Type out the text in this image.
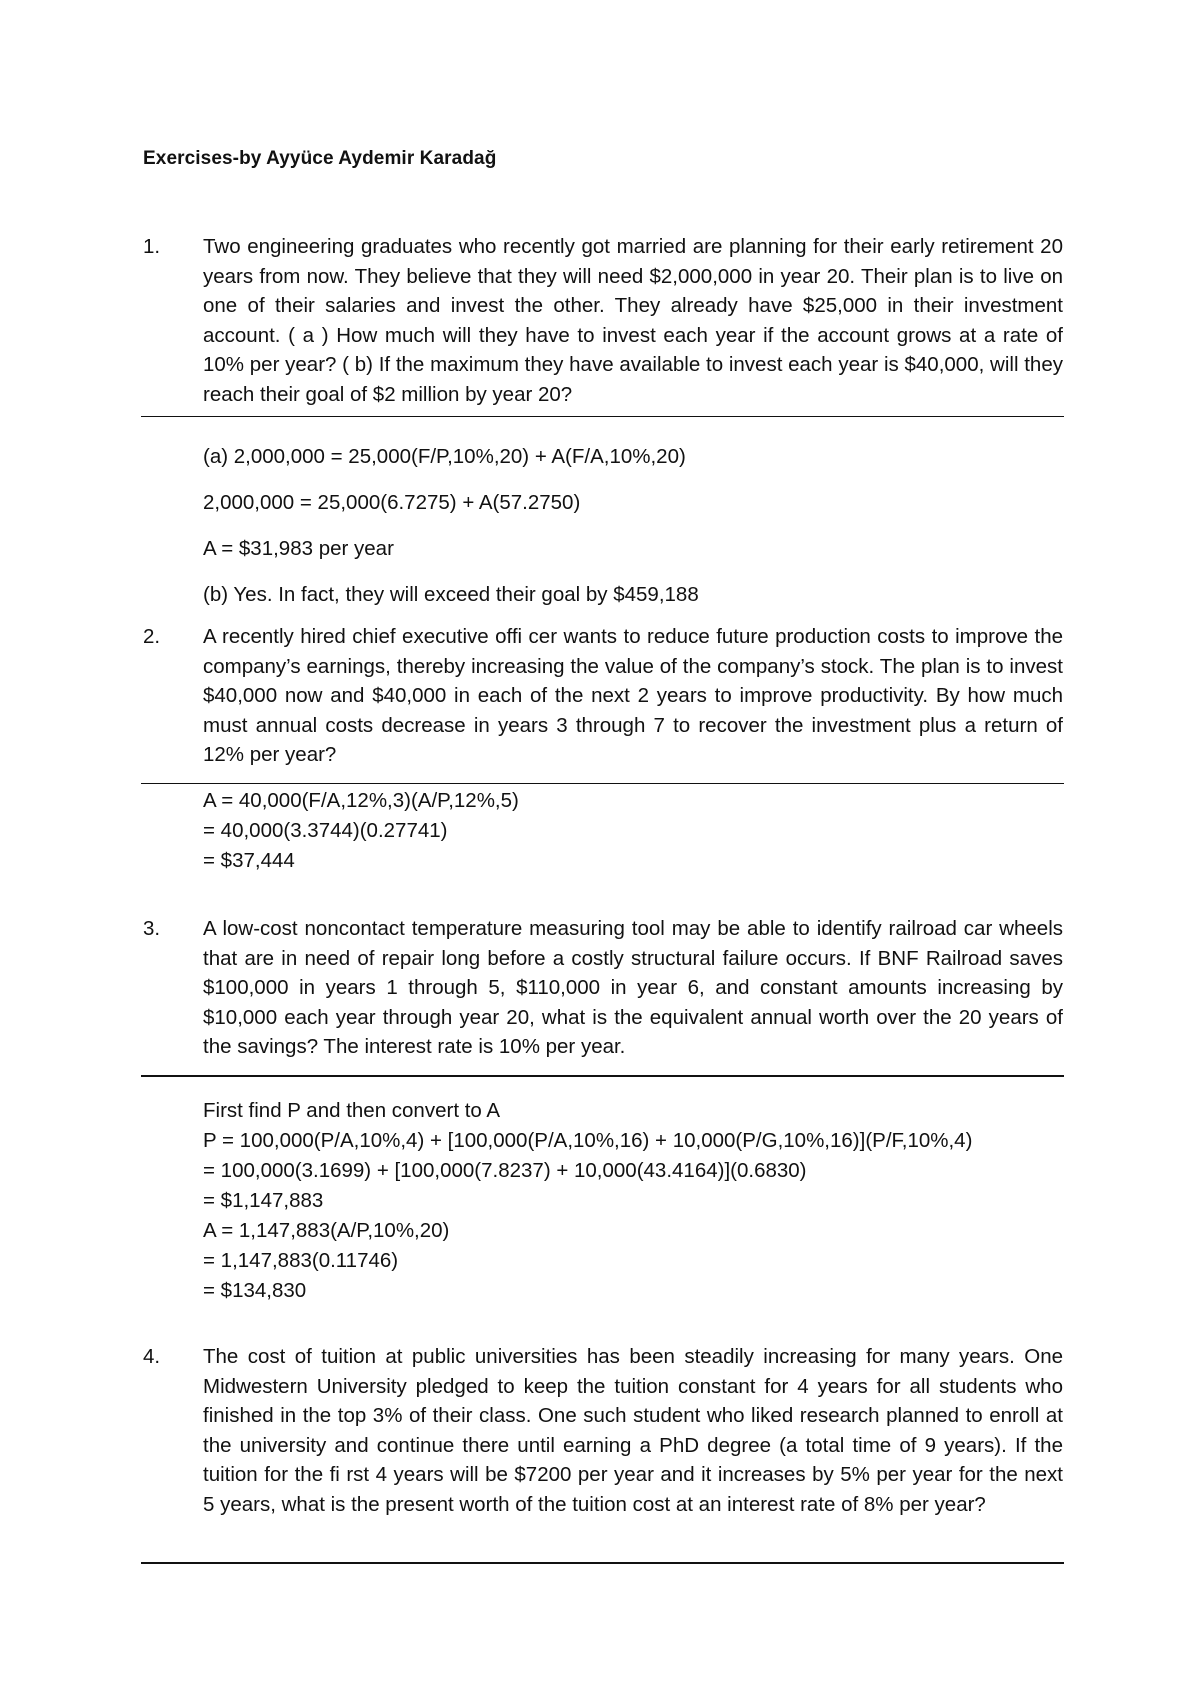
Exercises-by Ayyüce Aydemir Karadağ
1.	Two engineering graduates who recently got married are planning for their early retirement 20 years from now. They believe that they will need $2,000,000 in year 20. Their plan is to live on one of their salaries and invest the other. They already have $25,000 in their investment account. ( a ) How much will they have to invest each year if the account grows at a rate of 10% per year? ( b) If the maximum they have available to invest each year is $40,000, will they reach their goal of $2 million by year 20?
(a) 2,000,000 = 25,000(F/P,10%,20) + A(F/A,10%,20)
2,000,000 = 25,000(6.7275) + A(57.2750)
A = $31,983 per year
(b) Yes. In fact, they will exceed their goal by $459,188
2.	A recently hired chief executive offi cer wants to reduce future production costs to improve the company’s earnings, thereby increasing the value of the company’s stock. The plan is to invest $40,000 now and $40,000 in each of the next 2 years to improve productivity. By how much must annual costs decrease in years 3 through 7 to recover the investment plus a return of 12% per year?
A = 40,000(F/A,12%,3)(A/P,12%,5)
= 40,000(3.3744)(0.27741)
= $37,444
3.	A low-cost noncontact temperature measuring tool may be able to identify railroad car wheels that are in need of repair long before a costly structural failure occurs. If BNF Railroad saves $100,000 in years 1 through 5, $110,000 in year 6, and constant amounts increasing by $10,000 each year through year 20, what is the equivalent annual worth over the 20 years of the savings? The interest rate is 10% per year.
First find P and then convert to A
P = 100,000(P/A,10%,4) + [100,000(P/A,10%,16) + 10,000(P/G,10%,16)](P/F,10%,4)
= 100,000(3.1699) + [100,000(7.8237) + 10,000(43.4164)](0.6830)
= $1,147,883
A = 1,147,883(A/P,10%,20)
= 1,147,883(0.11746)
= $134,830
4.	The cost of tuition at public universities has been steadily increasing for many years. One Midwestern University pledged to keep the tuition constant for 4 years for all students who finished in the top 3% of their class. One such student who liked research planned to enroll at the university and continue there until earning a PhD degree (a total time of 9 years). If the tuition for the fi rst 4 years will be $7200 per year and it increases by 5% per year for the next 5 years, what is the present worth of the tuition cost at an interest rate of 8% per year?
